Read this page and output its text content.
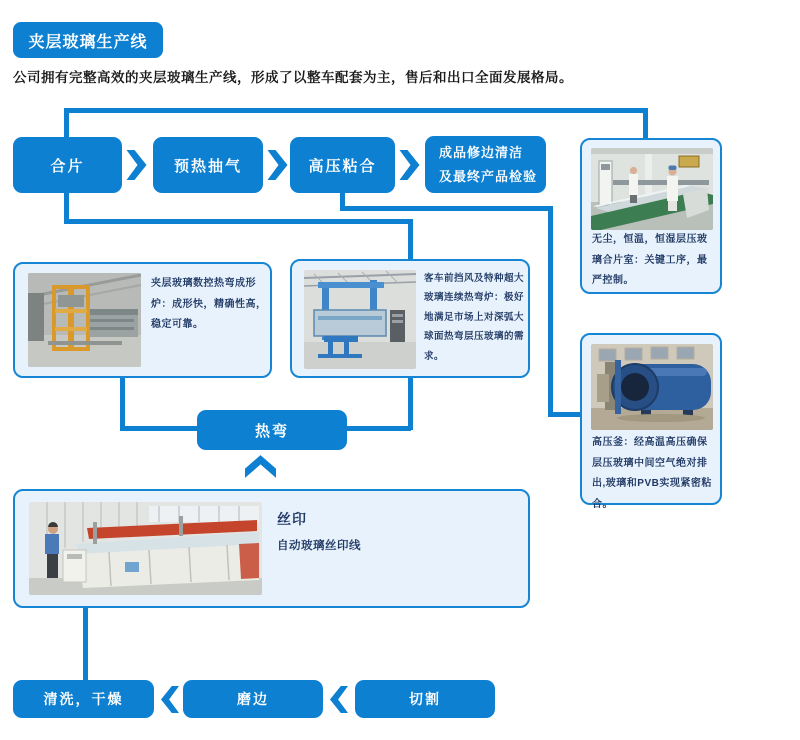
夹层玻璃生产线
公司拥有完整高效的夹层玻璃生产线，形成了以整车配套为主，售后和出口全面发展格局。
合片	预热抽气	高压粘合
成品修边清洁
及最终产品检验
无尘，恒温，恒湿层压玻璃合片室：关键工序，最严控制。
夹层玻璃数控热弯成形炉：成形快，精确性高，稳定可靠。
客车前挡风及特种超大玻璃连续热弯炉：极好地满足市场上对深弧大球面热弯层压玻璃的需求。
高压釜：经高温高压确保层压玻璃中间空气绝对排出,玻璃和PVB实现紧密粘合。
热弯
丝印
自动玻璃丝印线
清洗，干燥	磨边	切割
